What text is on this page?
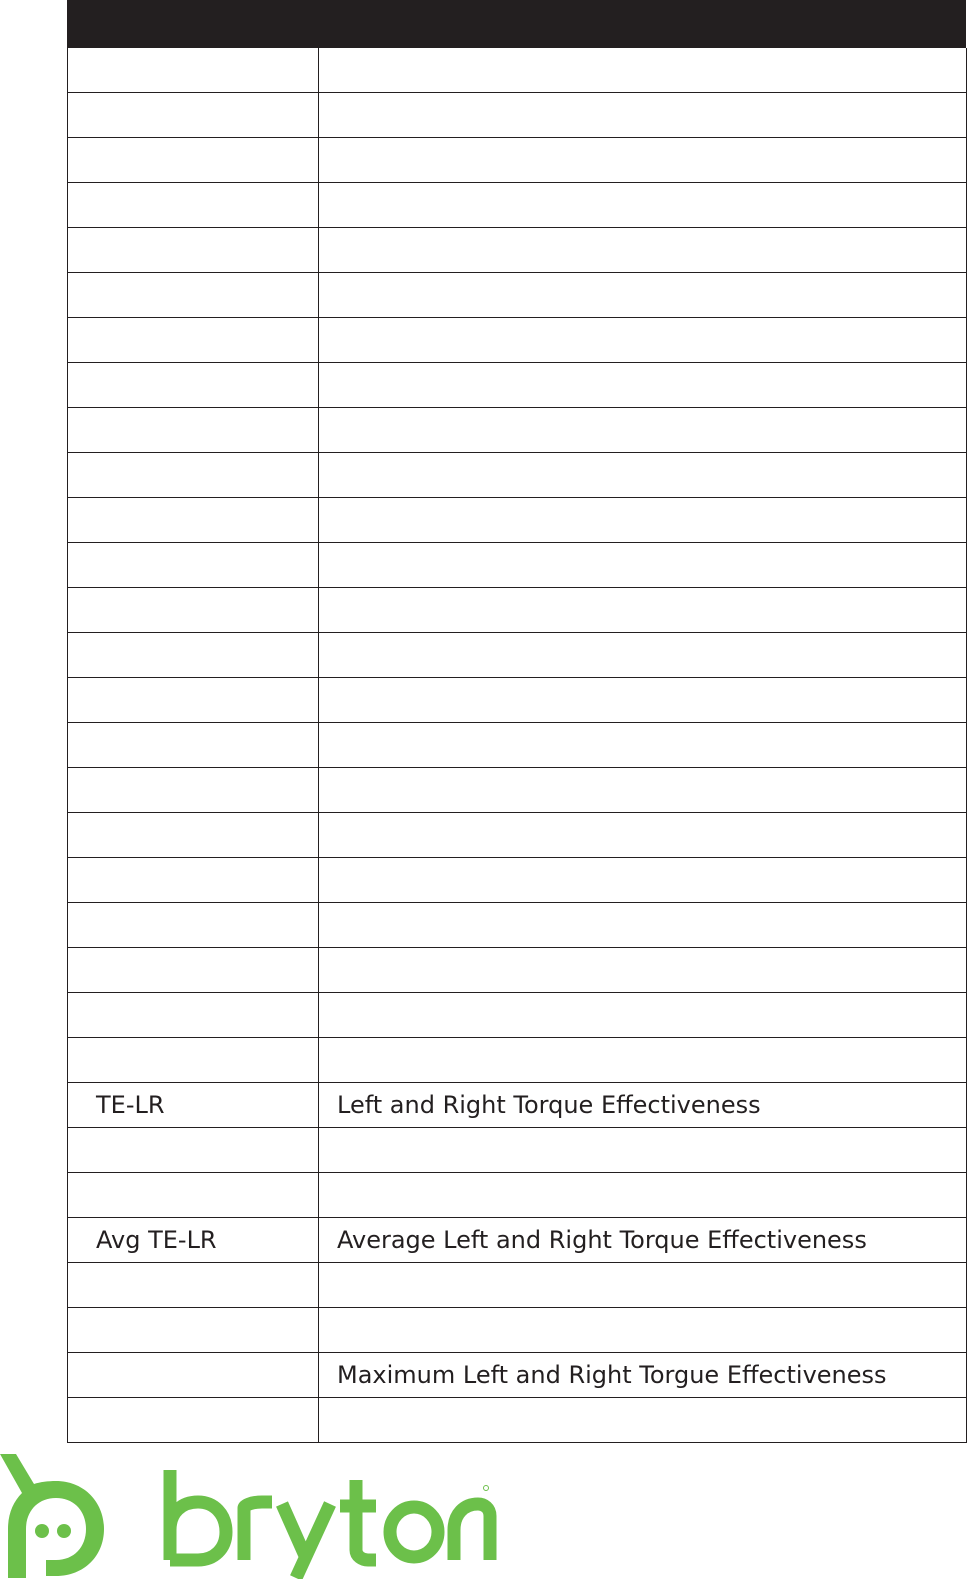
TE-LR	Left and Right Torque Effectiveness

Avg TE-LR	Average Left and Right Torque Effectiveness

	Maximum Left and Right Torgue Effectiveness
